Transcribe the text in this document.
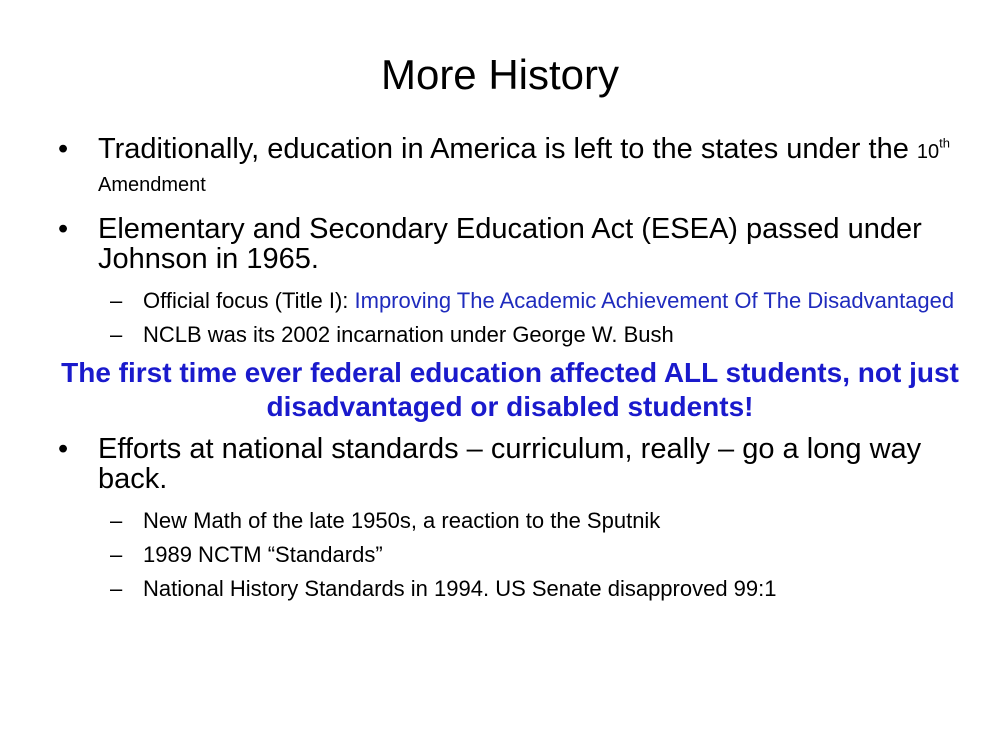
More History
• Traditionally, education in America is left to the states under the 10th Amendment
• Elementary and Secondary Education Act (ESEA) passed under Johnson in 1965.
– Official focus (Title I): Improving The Academic Achievement Of The Disadvantaged
– NCLB was its 2002 incarnation under George W. Bush
The first time ever federal education affected ALL students, not just disadvantaged or disabled students!
• Efforts at national standards – curriculum, really – go a long way back.
– New Math of the late 1950s, a reaction to the Sputnik
– 1989 NCTM “Standards”
– National History Standards in 1994. US Senate disapproved 99:1
